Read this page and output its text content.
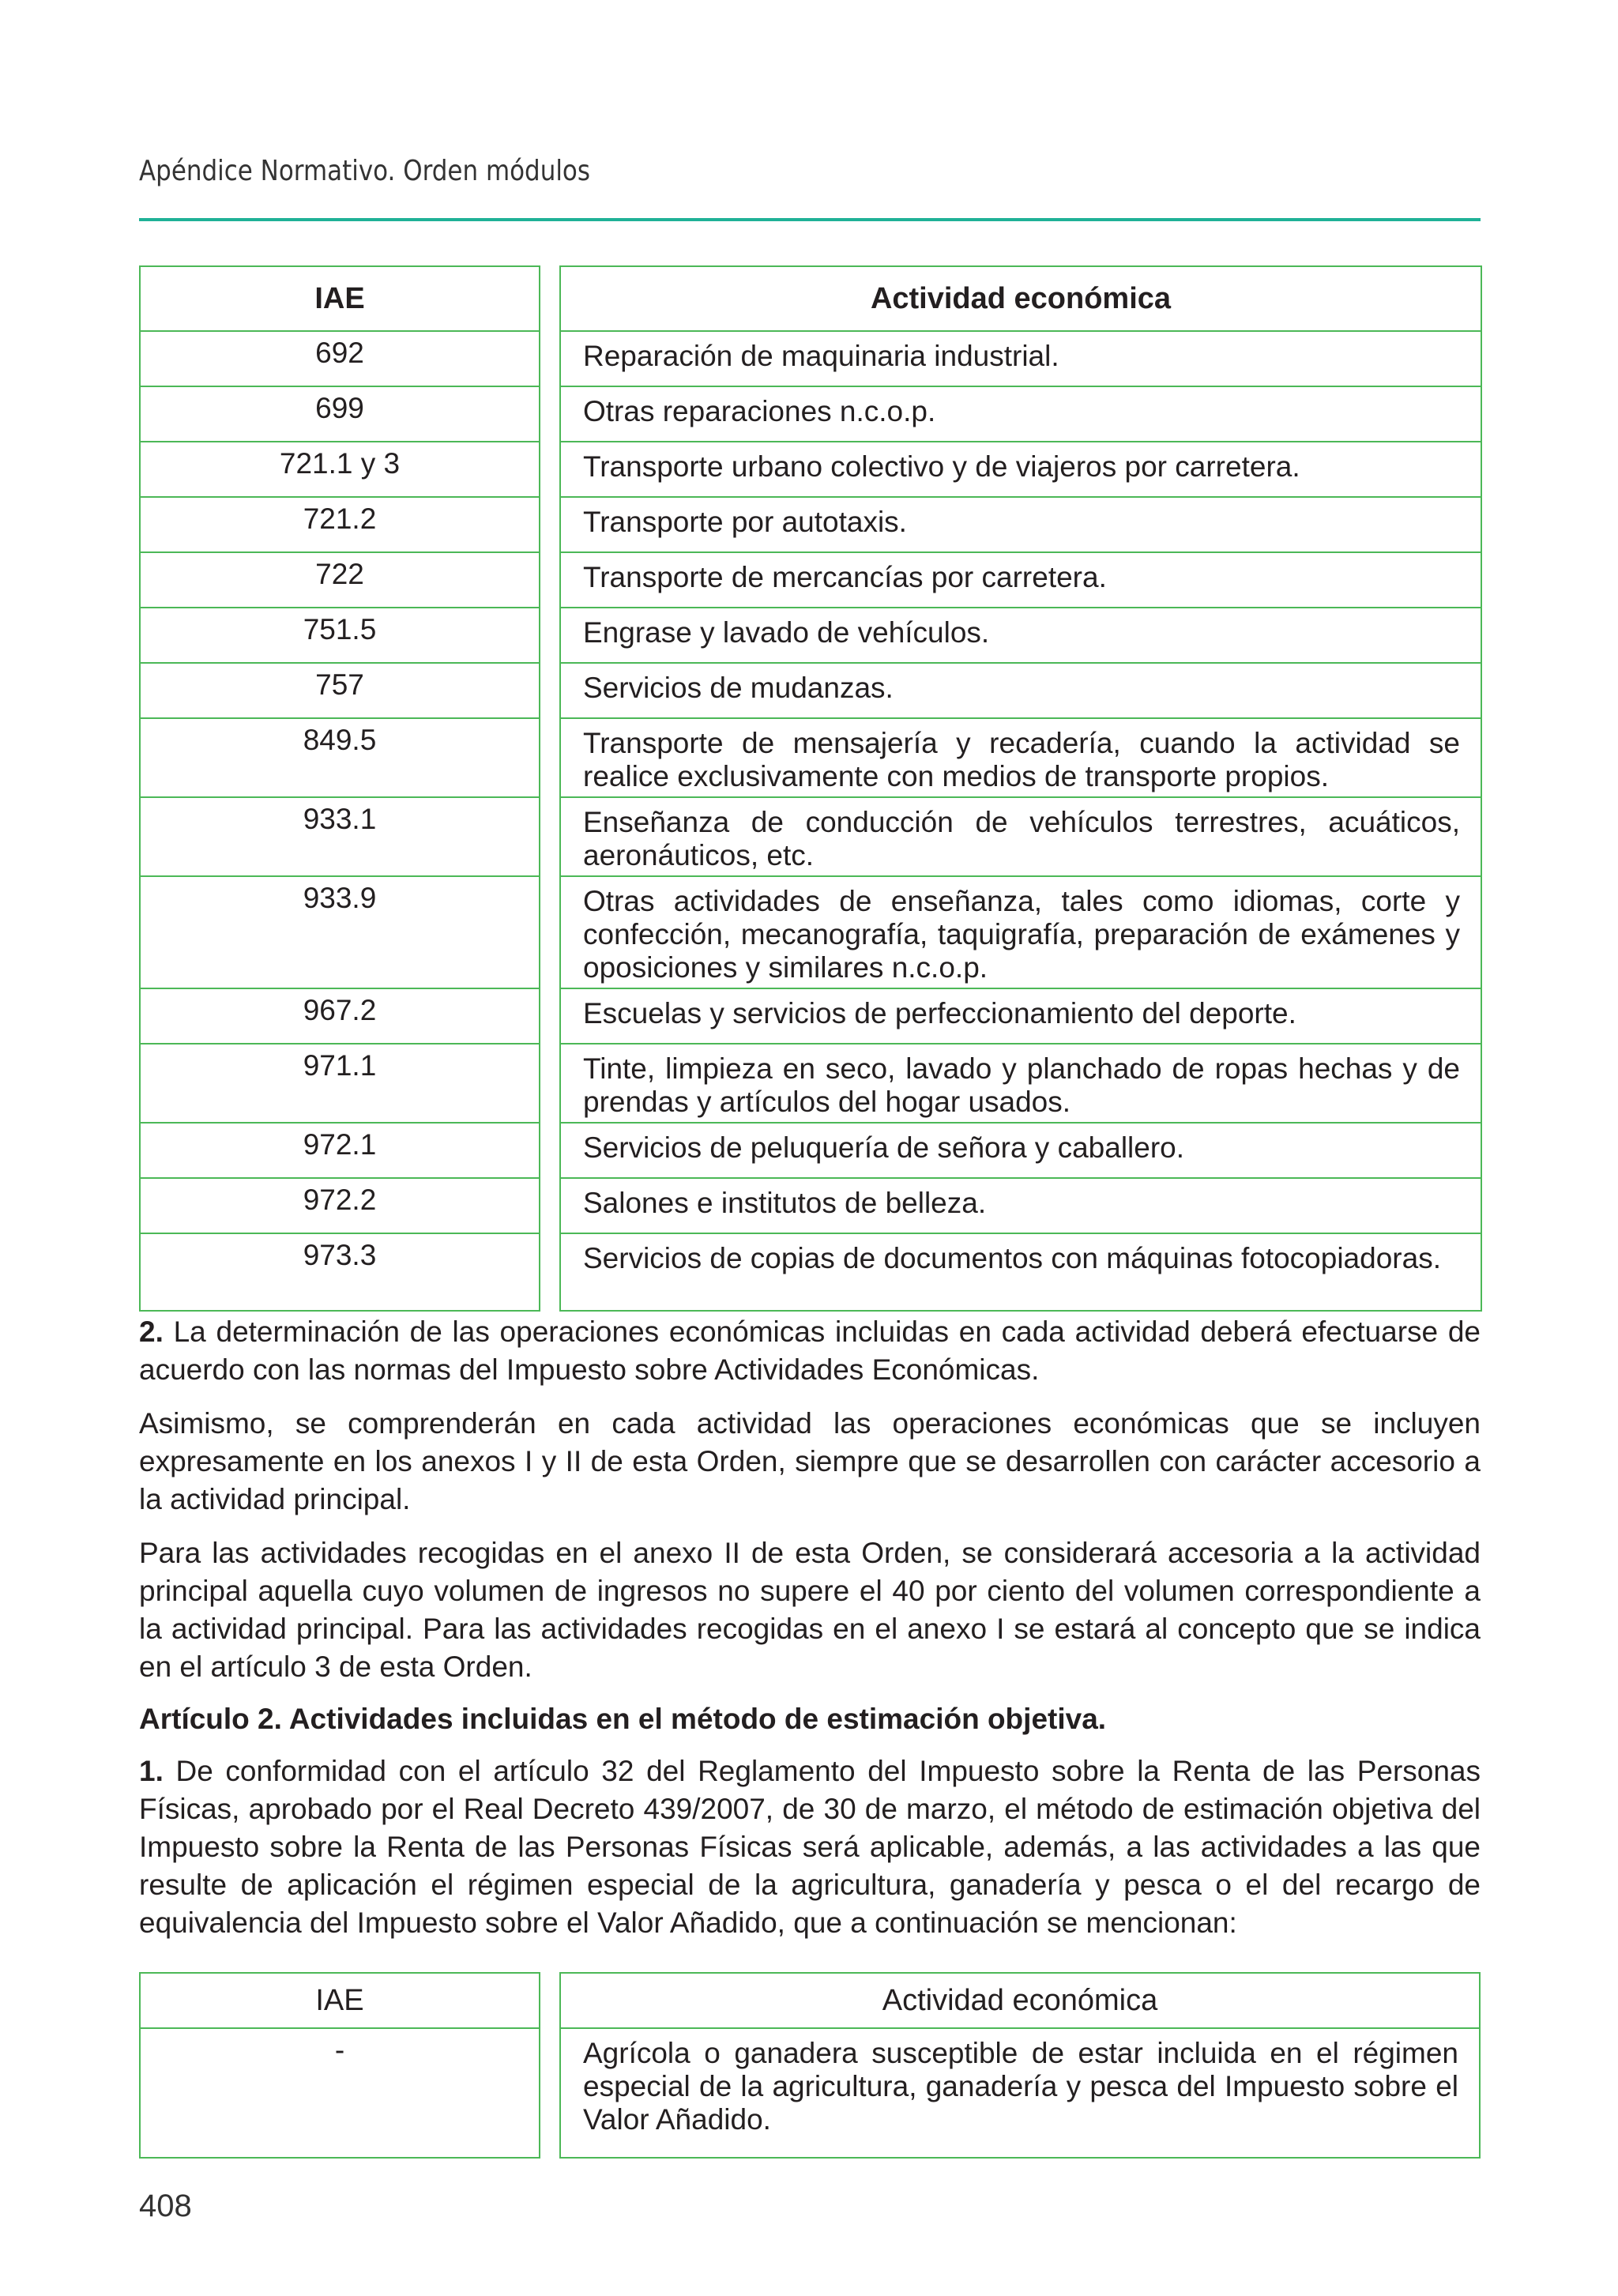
Apéndice Normativo. Orden módulos
IAE		Actividad económica
692		Reparación de maquinaria industrial.
699		Otras reparaciones n.c.o.p.
721.1 y 3		Transporte urbano colectivo y de viajeros por carretera.
721.2		Transporte por autotaxis.
722		Transporte de mercancías por carretera.
751.5		Engrase y lavado de vehículos.
757		Servicios de mudanzas.
849.5		Transporte de mensajería y recadería, cuando la actividad se realice exclusivamente con medios de transporte propios.
933.1		Enseñanza de conducción de vehículos terrestres, acuáticos, aeronáuticos, etc.
933.9		Otras actividades de enseñanza, tales como idiomas, corte y confección, mecanografía, taquigrafía, preparación de exámenes y oposiciones y similares n.c.o.p.
967.2		Escuelas y servicios de perfeccionamiento del deporte.
971.1		Tinte, limpieza en seco, lavado y planchado de ropas hechas y de prendas y artículos del hogar usados.
972.1		Servicios de peluquería de señora y caballero.
972.2		Salones e institutos de belleza.
973.3		Servicios de copias de documentos con máquinas fotocopiadoras.
2. La determinación de las operaciones económicas incluidas en cada actividad deberá efectuarse de acuerdo con las normas del Impuesto sobre Actividades Económicas.
Asimismo, se comprenderán en cada actividad las operaciones económicas que se incluyen expresamente en los anexos I y II de esta Orden, siempre que se desarrollen con carácter accesorio a la actividad principal.
Para las actividades recogidas en el anexo II de esta Orden, se considerará accesoria a la actividad principal aquella cuyo volumen de ingresos no supere el 40 por ciento del volumen correspondiente a la actividad principal. Para las actividades recogidas en el anexo I se estará al concepto que se indica en el artículo 3 de esta Orden.
Artículo 2. Actividades incluidas en el método de estimación objetiva.
1. De conformidad con el artículo 32 del Reglamento del Impuesto sobre la Renta de las Personas Físicas, aprobado por el Real Decreto 439/2007, de 30 de marzo, el método de estimación objetiva del Impuesto sobre la Renta de las Personas Físicas será aplicable, además, a las actividades a las que resulte de aplicación el régimen especial de la agricultura, ganadería y pesca o el del recargo de equivalencia del Impuesto sobre el Valor Añadido, que a continuación se mencionan:
IAE		Actividad económica
-		Agrícola o ganadera susceptible de estar incluida en el régimen especial de la agricultura, ganadería y pesca del Impuesto sobre el Valor Añadido.
408
